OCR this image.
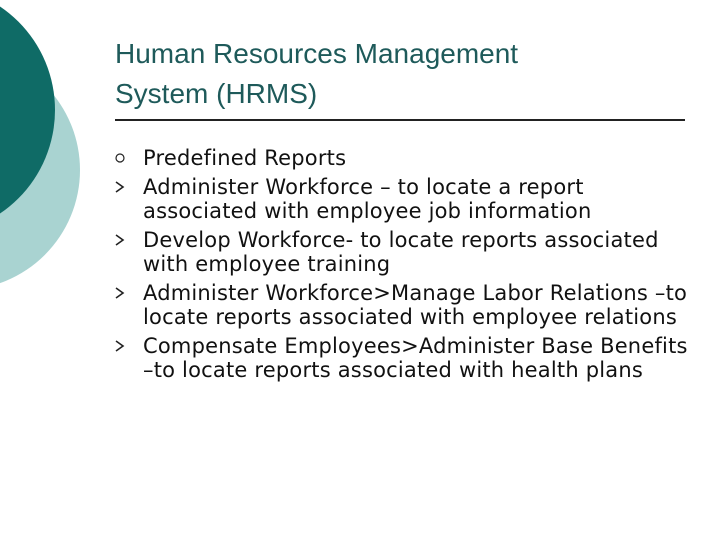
Human Resources Management
System (HRMS)
Predefined Reports
Administer Workforce – to locate a report associated with employee job information
Develop Workforce- to locate reports associated with employee training
Administer Workforce>Manage Labor Relations –to locate reports associated with employee relations
Compensate Employees>Administer Base Benefits –to locate reports associated with health plans
